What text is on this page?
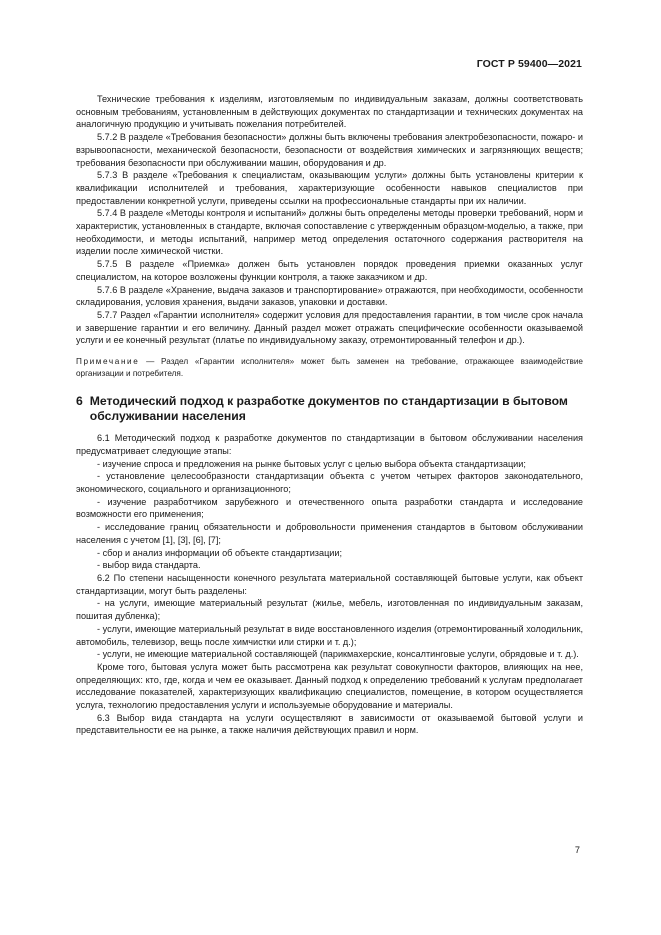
ГОСТ Р 59400—2021

Технические требования к изделиям, изготовляемым по индивидуальным заказам, должны соответствовать основным требованиям, установленным в действующих документах по стандартизации и технических документах на аналогичную продукцию и учитывать пожелания потребителей.

5.7.2 В разделе «Требования безопасности» должны быть включены требования электробезопасности, пожаро- и взрывоопасности, механической безопасности, безопасности от воздействия химических и загрязняющих веществ; требования безопасности при обслуживании машин, оборудования и др.

5.7.3 В разделе «Требования к специалистам, оказывающим услуги» должны быть установлены критерии к квалификации исполнителей и требования, характеризующие особенности навыков специалистов при предоставлении конкретной услуги, приведены ссылки на профессиональные стандарты при их наличии.

5.7.4 В разделе «Методы контроля и испытаний» должны быть определены методы проверки требований, норм и характеристик, установленных в стандарте, включая сопоставление с утвержденным образцом-моделью, а также, при необходимости, и методы испытаний, например метод определения остаточного содержания растворителя на изделии после химической чистки.

5.7.5 В разделе «Приемка» должен быть установлен порядок проведения приемки оказанных услуг специалистом, на которое возложены функции контроля, а также заказчиком и др.

5.7.6 В разделе «Хранение, выдача заказов и транспортирование» отражаются, при необходимости, особенности складирования, условия хранения, выдачи заказов, упаковки и доставки.

5.7.7 Раздел «Гарантии исполнителя» содержит условия для предоставления гарантии, в том числе срок начала и завершение гарантии и его величину. Данный раздел может отражать специфические особенности оказываемой услуги и ее конечный результат (платье по индивидуальному заказу, отремонтированный телефон и др.).

Примечание — Раздел «Гарантии исполнителя» может быть заменен на требование, отражающее взаимодействие организации и потребителя.

6 Методический подход к разработке документов по стандартизации в бытовом обслуживании населения

6.1 Методический подход к разработке документов по стандартизации в бытовом обслуживании населения предусматривает следующие этапы:

- изучение спроса и предложения на рынке бытовых услуг с целью выбора объекта стандартизации;

- установление целесообразности стандартизации объекта с учетом четырех факторов законодательного, экономического, социального и организационного;

- изучение разработчиком зарубежного и отечественного опыта разработки стандарта и исследование возможности его применения;

- исследование границ обязательности и добровольности применения стандартов в бытовом обслуживании населения с учетом [1], [3], [6], [7];

- сбор и анализ информации об объекте стандартизации;

- выбор вида стандарта.

6.2 По степени насыщенности конечного результата материальной составляющей бытовые услуги, как объект стандартизации, могут быть разделены:

- на услуги, имеющие материальный результат (жилье, мебель, изготовленная по индивидуальным заказам, пошитая дубленка);

- услуги, имеющие материальный результат в виде восстановленного изделия (отремонтированный холодильник, автомобиль, телевизор, вещь после химчистки или стирки и т. д.);

- услуги, не имеющие материальной составляющей (парикмахерские, консалтинговые услуги, обрядовые и т. д.).

Кроме того, бытовая услуга может быть рассмотрена как результат совокупности факторов, влияющих на нее, определяющих: кто, где, когда и чем ее оказывает. Данный подход к определению требований к услугам предполагает исследование показателей, характеризующих квалификацию специалистов, помещение, в котором осуществляется услуга, технологию предоставления услуги и используемые оборудование и материалы.

6.3 Выбор вида стандарта на услуги осуществляют в зависимости от оказываемой бытовой услуги и представительности ее на рынке, а также наличия действующих правил и норм.

7
